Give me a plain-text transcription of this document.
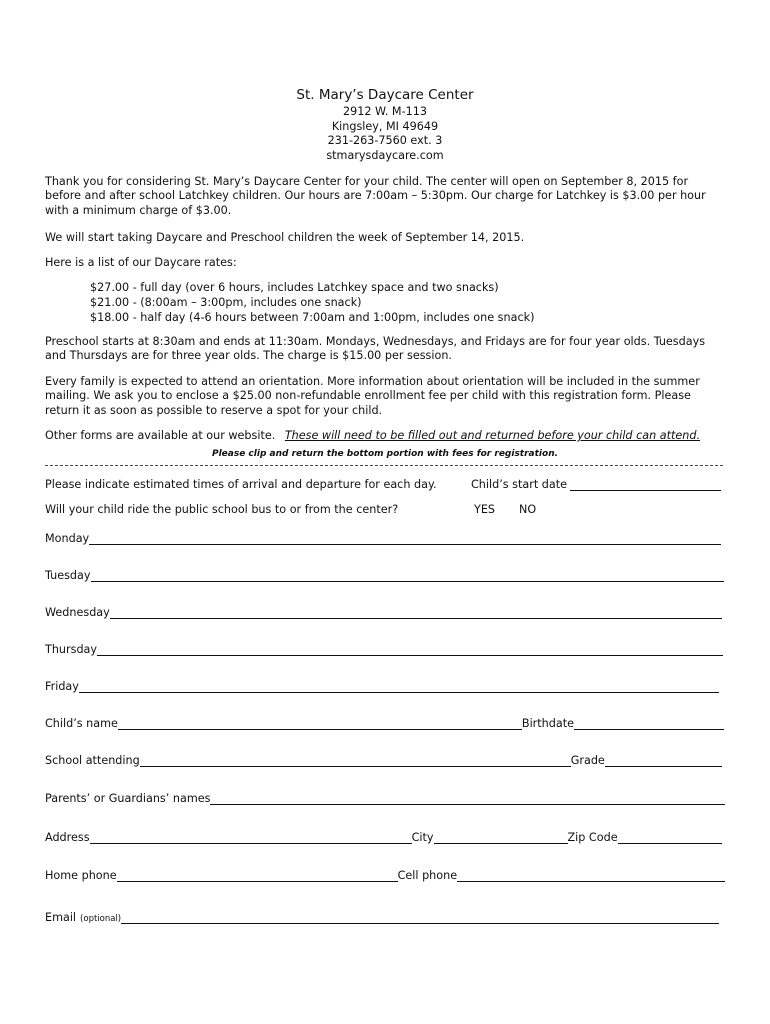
St. Mary’s Daycare Center
2912 W. M-113
Kingsley, MI 49649
231-263-7560 ext. 3
stmarysdaycare.com

Thank you for considering St. Mary’s Daycare Center for your child. The center will open on September 8, 2015 for before and after school Latchkey children. Our hours are 7:00am – 5:30pm. Our charge for Latchkey is $3.00 per hour with a minimum charge of $3.00.

We will start taking Daycare and Preschool children the week of September 14, 2015.

Here is a list of our Daycare rates:

$27.00 - full day (over 6 hours, includes Latchkey space and two snacks)
$21.00 - (8:00am – 3:00pm, includes one snack)
$18.00 - half day (4-6 hours between 7:00am and 1:00pm, includes one snack)

Preschool starts at 8:30am and ends at 11:30am. Mondays, Wednesdays, and Fridays are for four year olds. Tuesdays and Thursdays are for three year olds. The charge is $15.00 per session.

Every family is expected to attend an orientation. More information about orientation will be included in the summer mailing. We ask you to enclose a $25.00 non-refundable enrollment fee per child with this registration form. Please return it as soon as possible to reserve a spot for your child.

Other forms are available at our website. These will need to be filled out and returned before your child can attend.

Please clip and return the bottom portion with fees for registration.
Please indicate estimated times of arrival and departure for each day.	Child’s start date
Will your child ride the public school bus to or from the center?	YES NO
Monday
Tuesday
Wednesday
Thursday
Friday
Child’s name	Birthdate
School attending	Grade
Parents’ or Guardians’ names
Address	City	Zip Code
Home phone	Cell phone
Email (optional)
